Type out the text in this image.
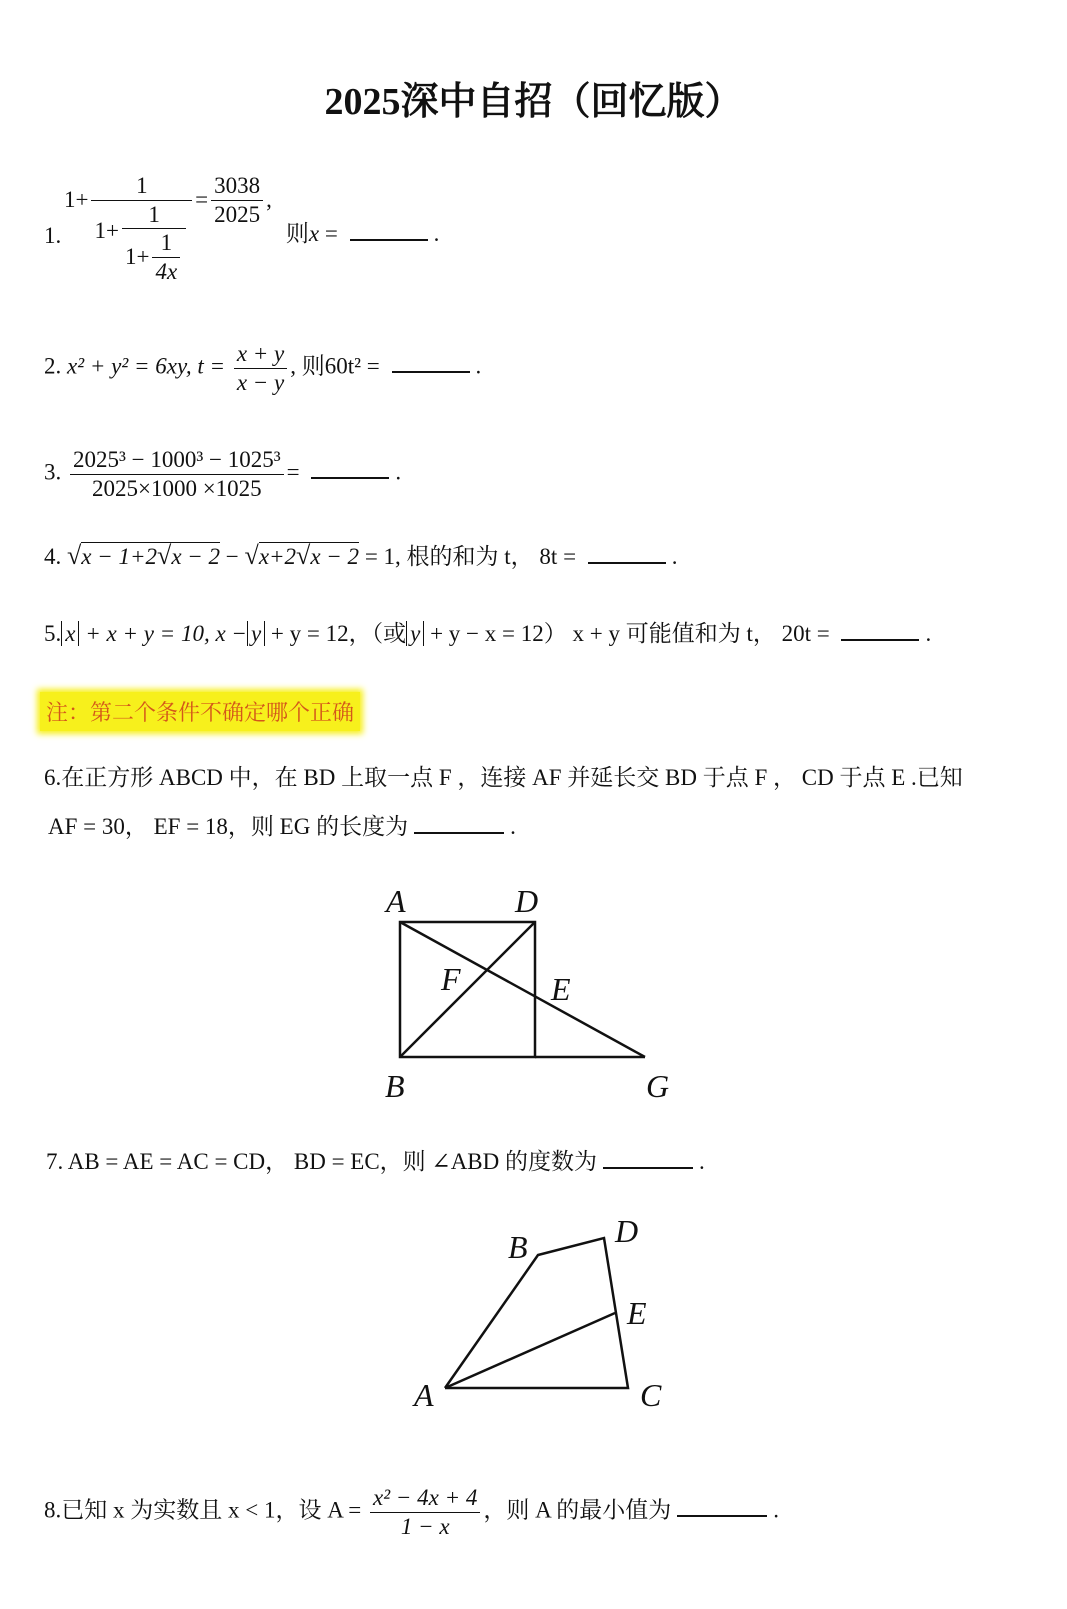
2025深中自招（回忆版）
1.
1+
1
$1+ \frac{1}{1+ \frac{1}{4x}}$
= $\frac{3038}{2025}$ ,
则x =	.
2. x² + y² = 6xy, $t = \frac{x + y}{x - y}$ , 则60t² =	.
3. $\frac{\text{2025³ − 1000³ − 1025³}}{2025\times 1000 \times 1025}$ =	.
4. √x − 1+2√x − 2 − √x+2√x − 2 = 1, 根的和为 t， 8t =	.
5. x + x + y = 10, x − y + y = 12，（或 y + y − x = 12） x + y 可能值和为 t， 20t =	.
注：第二个条件不确定哪个正确
6.在正方形 ABCD 中，在 BD 上取一点 F ，连接 AF 并延长交 BD 于点 F ， CD 于点 E .已知
AF = 30， EF = 18，则 EG 的长度为	.
A	D
F	E
B	G
B	D
E
A	C
7. AB = AE = AC = CD， BD = EC，则 ∠ABD 的度数为	.
8.已知 x 为实数且 x < 1，设 $A = \frac{\text{x² − 4x + 4}}{1 - x}$ ，则 A 的最小值为	.
